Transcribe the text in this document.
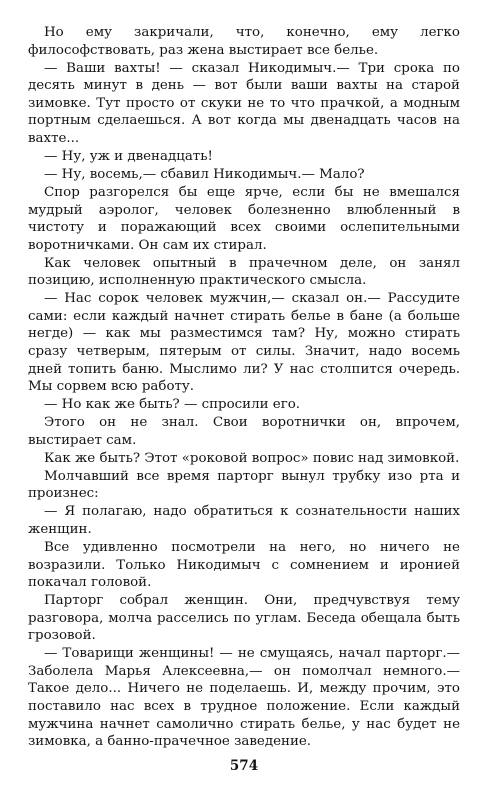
Но ему закричали, что, конечно, ему легко философствовать, раз жена выстирает все белье.

— Ваши вахты! — сказал Никодимыч.— Три срока по десять минут в день — вот были ваши вахты на старой зимовке. Тут просто от скуки не то что прачкой, а модным портным сделаешься. А вот когда мы двенадцать часов на вахте...

— Ну, уж и двенадцать!

— Ну, восемь,— сбавил Никодимыч.— Мало?

Спор разгорелся бы еще ярче, если бы не вмешался мудрый аэролог, человек болезненно влюбленный в чистоту и поражающий всех своими ослепительными воротничками. Он сам их стирал.

Как человек опытный в прачечном деле, он занял позицию, исполненную практического смысла.

— Нас сорок человек мужчин,— сказал он.— Рассудите сами: если каждый начнет стирать белье в бане (а больше негде) — как мы разместимся там? Ну, можно стирать сразу четверым, пятерым от силы. Значит, надо восемь дней топить баню. Мыслимо ли? У нас столпится очередь. Мы сорвем всю работу.

— Но как же быть? — спросили его.

Этого он не знал. Свои воротнички он, впрочем, выстирает сам.

Как же быть? Этот «роковой вопрос» повис над зимовкой.

Молчавший все время парторг вынул трубку изо рта и произнес:

— Я полагаю, надо обратиться к сознательности наших женщин.

Все удивленно посмотрели на него, но ничего не возразили. Только Никодимыч с сомнением и иронией покачал головой.

Парторг собрал женщин. Они, предчувствуя тему разговора, молча расселись по углам. Беседа обещала быть грозовой.

— Товарищи женщины! — не смущаясь, начал парторг.— Заболела Марья Алексеевна,— он помолчал немного.— Такое дело... Ничего не поделаешь. И, между прочим, это поставило нас всех в трудное положение. Если каждый мужчина начнет самолично стирать белье, у нас будет не зимовка, а банно-прачечное заведение.

574
